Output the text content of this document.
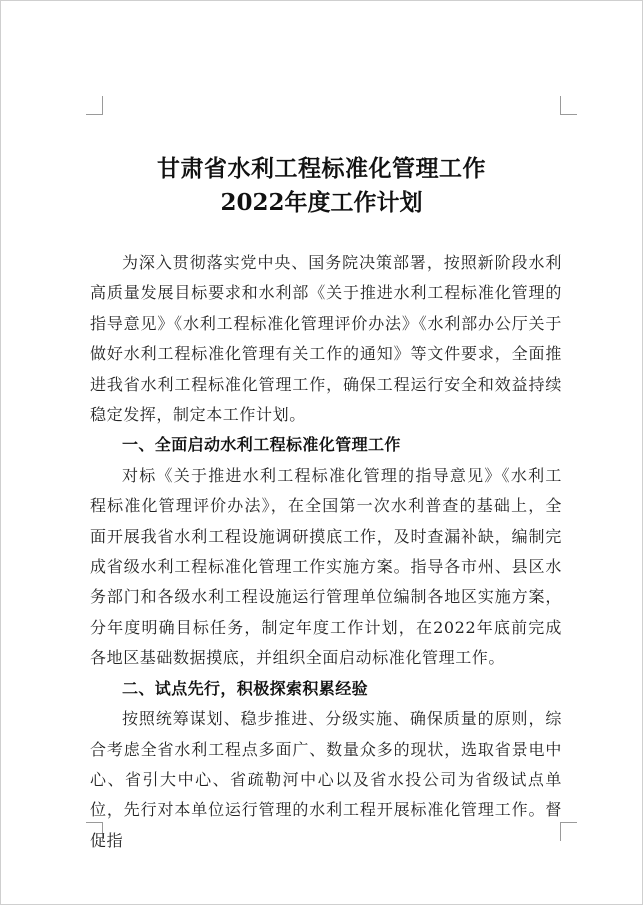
甘肃省水利工程标准化管理工作
2022年度工作计划

为深入贯彻落实党中央、国务院决策部署，按照新阶段水利高质量发展目标要求和水利部《关于推进水利工程标准化管理的指导意见》《水利工程标准化管理评价办法》《水利部办公厅关于做好水利工程标准化管理有关工作的通知》等文件要求，全面推进我省水利工程标准化管理工作，确保工程运行安全和效益持续稳定发挥，制定本工作计划。

一、全面启动水利工程标准化管理工作

对标《关于推进水利工程标准化管理的指导意见》《水利工程标准化管理评价办法》，在全国第一次水利普查的基础上，全面开展我省水利工程设施调研摸底工作，及时查漏补缺，编制完成省级水利工程标准化管理工作实施方案。指导各市州、县区水务部门和各级水利工程设施运行管理单位编制各地区实施方案，分年度明确目标任务，制定年度工作计划，在2022年底前完成各地区基础数据摸底，并组织全面启动标准化管理工作。

二、试点先行，积极探索积累经验

按照统筹谋划、稳步推进、分级实施、确保质量的原则，综合考虑全省水利工程点多面广、数量众多的现状，选取省景电中心、省引大中心、省疏勒河中心以及省水投公司为省级试点单位，先行对本单位运行管理的水利工程开展标准化管理工作。督促指
